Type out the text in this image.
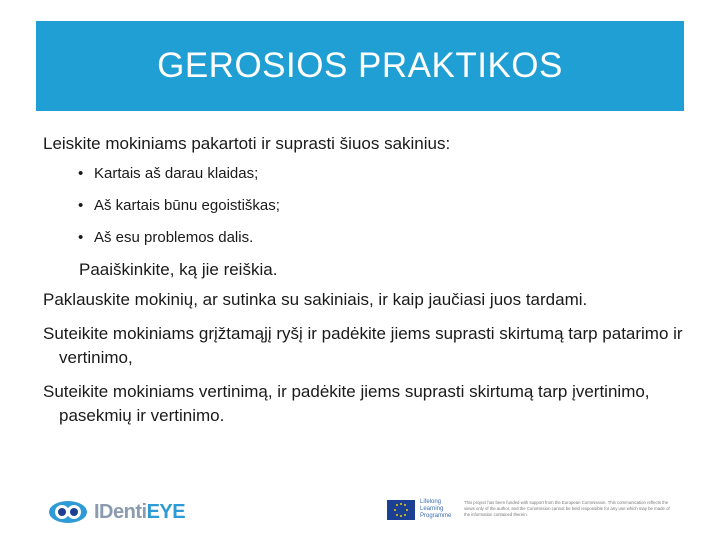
GEROSIOS PRAKTIKOS

Leiskite mokiniams pakartoti ir suprasti šiuos sakinius:

• Kartais aš darau klaidas;
• Aš kartais būnu egoistiškas;
• Aš esu problemos dalis.

Paaiškinkite, ką jie reiškia.

Paklauskite mokinių, ar sutinka su sakiniais, ir kaip jaučiasi juos tardami.

Suteikite mokiniams grįžtamąjį ryšį ir padėkite jiems suprasti skirtumą tarp patarimo ir vertinimo,

Suteikite mokiniams vertinimą, ir padėkite jiems suprasti skirtumą tarp įvertinimo, pasekmių ir vertinimo.

IDentiEYE	Lifelong
Learning
Programme
This project has been funded with support from the European Commission. This communication reflects the views only of the author, and the Commission cannot be held responsible for any use which may be made of the information contained therein.
